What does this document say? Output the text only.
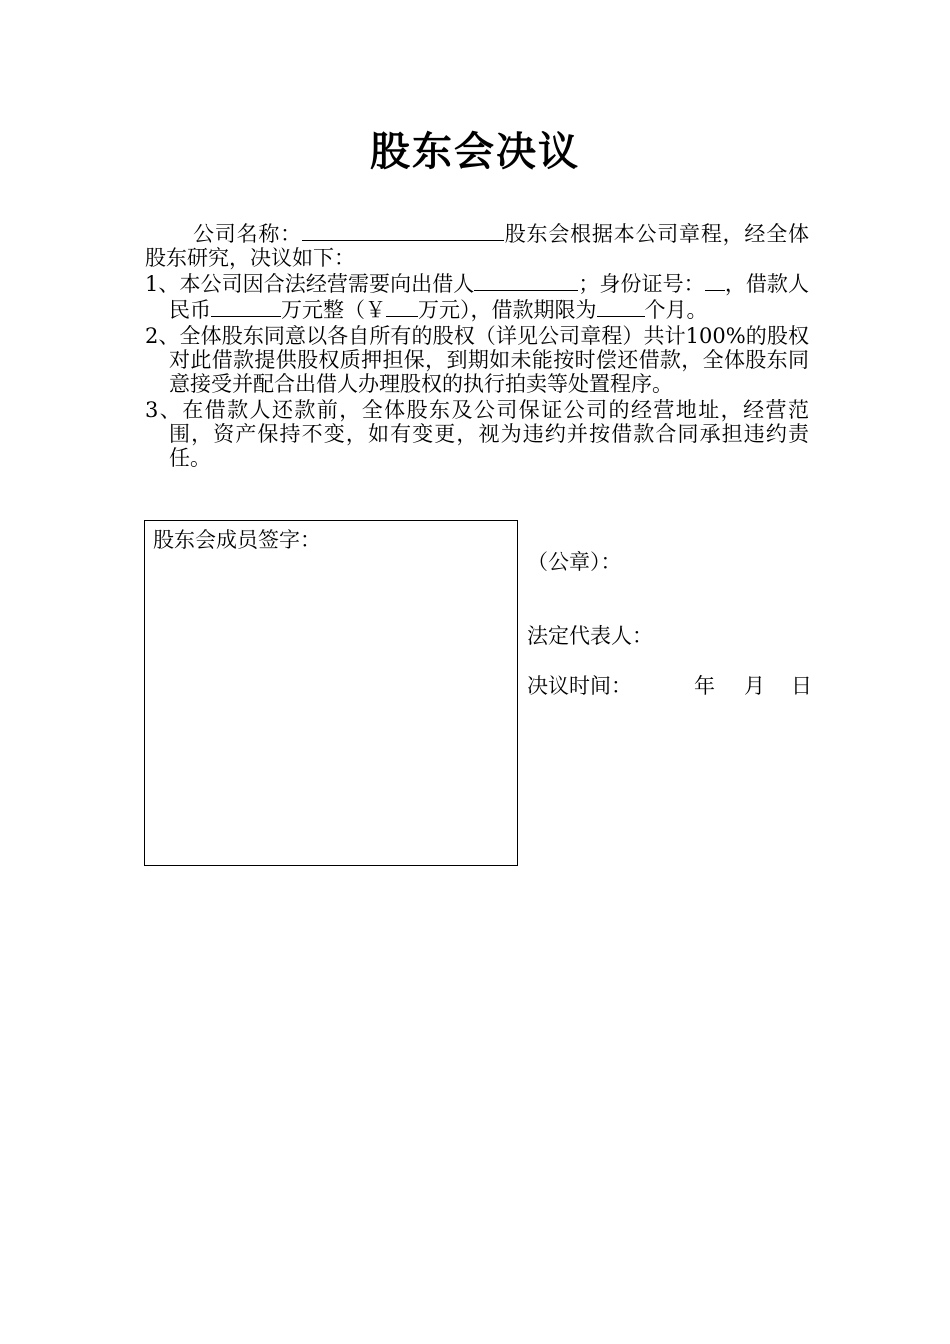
股东会决议
公司名称：	股东会根据本公司章程，经全体股东研究，决议如下：
1、本公司因合法经营需要向出借人	；身份证号： ，借款人民币	万元整（￥ 万元），借款期限为 个月。
2、全体股东同意以各自所有的股权（详见公司章程）共计100%的股权对此借款提供股权质押担保，到期如未能按时偿还借款，全体股东同意接受并配合出借人办理股权的执行拍卖等处置程序。
3、在借款人还款前，全体股东及公司保证公司的经营地址，经营范围，资产保持不变，如有变更，视为违约并按借款合同承担违约责任。
股东会成员签字：
（公章）：
法定代表人：
决议时间：	年 月 日
